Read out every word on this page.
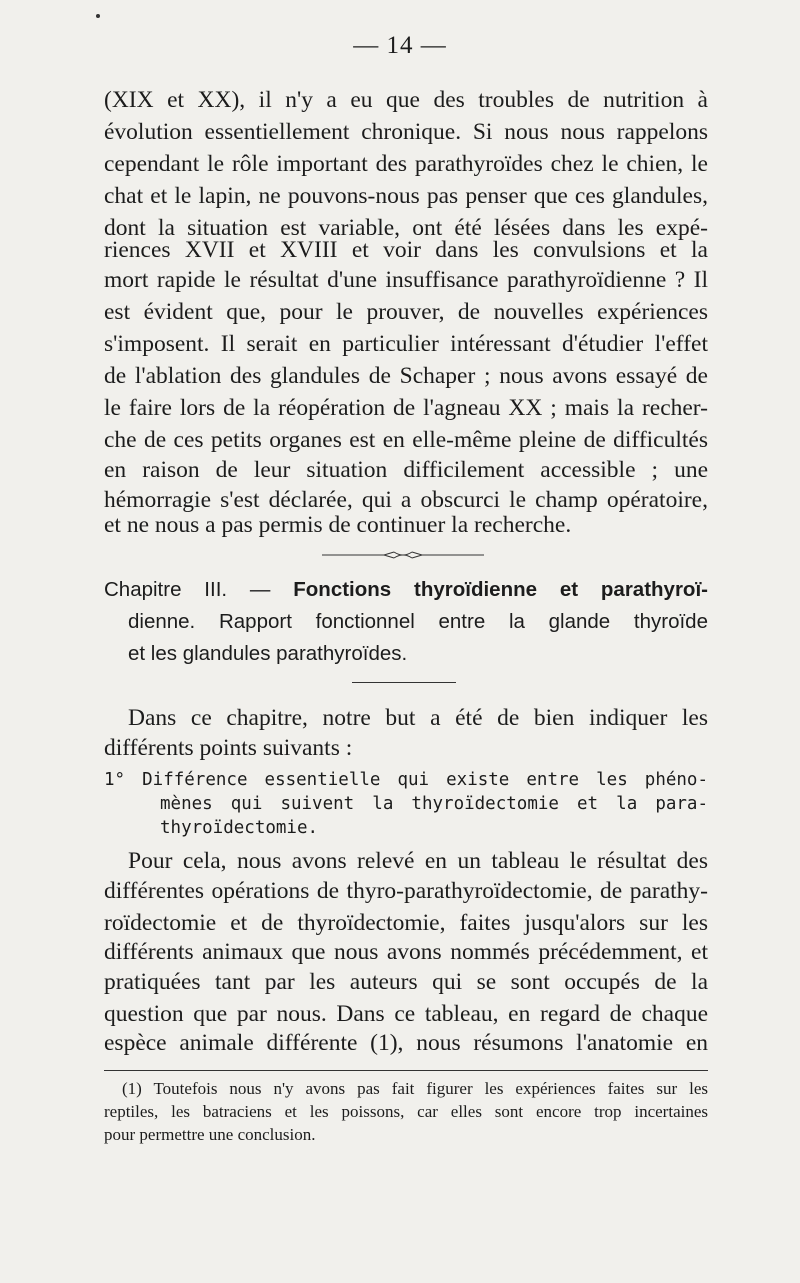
— 14 —
(XIX et XX), il n'y a eu que des troubles de nutrition à
évolution essentiellement chronique. Si nous nous rappelons
cependant le rôle important des parathyroïdes chez le chien, le
chat et le lapin, ne pouvons-nous pas penser que ces glandules,
dont la situation est variable, ont été lésées dans les expé-
riences XVII et XVIII et voir dans les convulsions et la
mort rapide le résultat d'une insuffisance parathyroïdienne ? Il
est évident que, pour le prouver, de nouvelles expériences
s'imposent. Il serait en particulier intéressant d'étudier l'effet
de l'ablation des glandules de Schaper ; nous avons essayé de
le faire lors de la réopération de l'agneau XX ; mais la recher-
che de ces petits organes est en elle-même pleine de difficultés
en raison de leur situation difficilement accessible ; une
hémorragie s'est déclarée, qui a obscurci le champ opératoire,
et ne nous a pas permis de continuer la recherche.
Chapitre III. — Fonctions thyroïdienne et parathyroï-
dienne. Rapport fonctionnel entre la glande thyroïde
et les glandules parathyroïdes.
Dans ce chapitre, notre but a été de bien indiquer les
différents points suivants :
1° Différence essentielle qui existe entre les phéno-
mènes qui suivent la thyroïdectomie et la para-
thyroïdectomie.
Pour cela, nous avons relevé en un tableau le résultat des
différentes opérations de thyro-parathyroïdectomie, de parathy-
roïdectomie et de thyroïdectomie, faites jusqu'alors sur les
différents animaux que nous avons nommés précédemment, et
pratiquées tant par les auteurs qui se sont occupés de la
question que par nous. Dans ce tableau, en regard de chaque
espèce animale différente (1), nous résumons l'anatomie en
(1) Toutefois nous n'y avons pas fait figurer les expériences faites sur les
reptiles, les batraciens et les poissons, car elles sont encore trop incertaines
pour permettre une conclusion.
